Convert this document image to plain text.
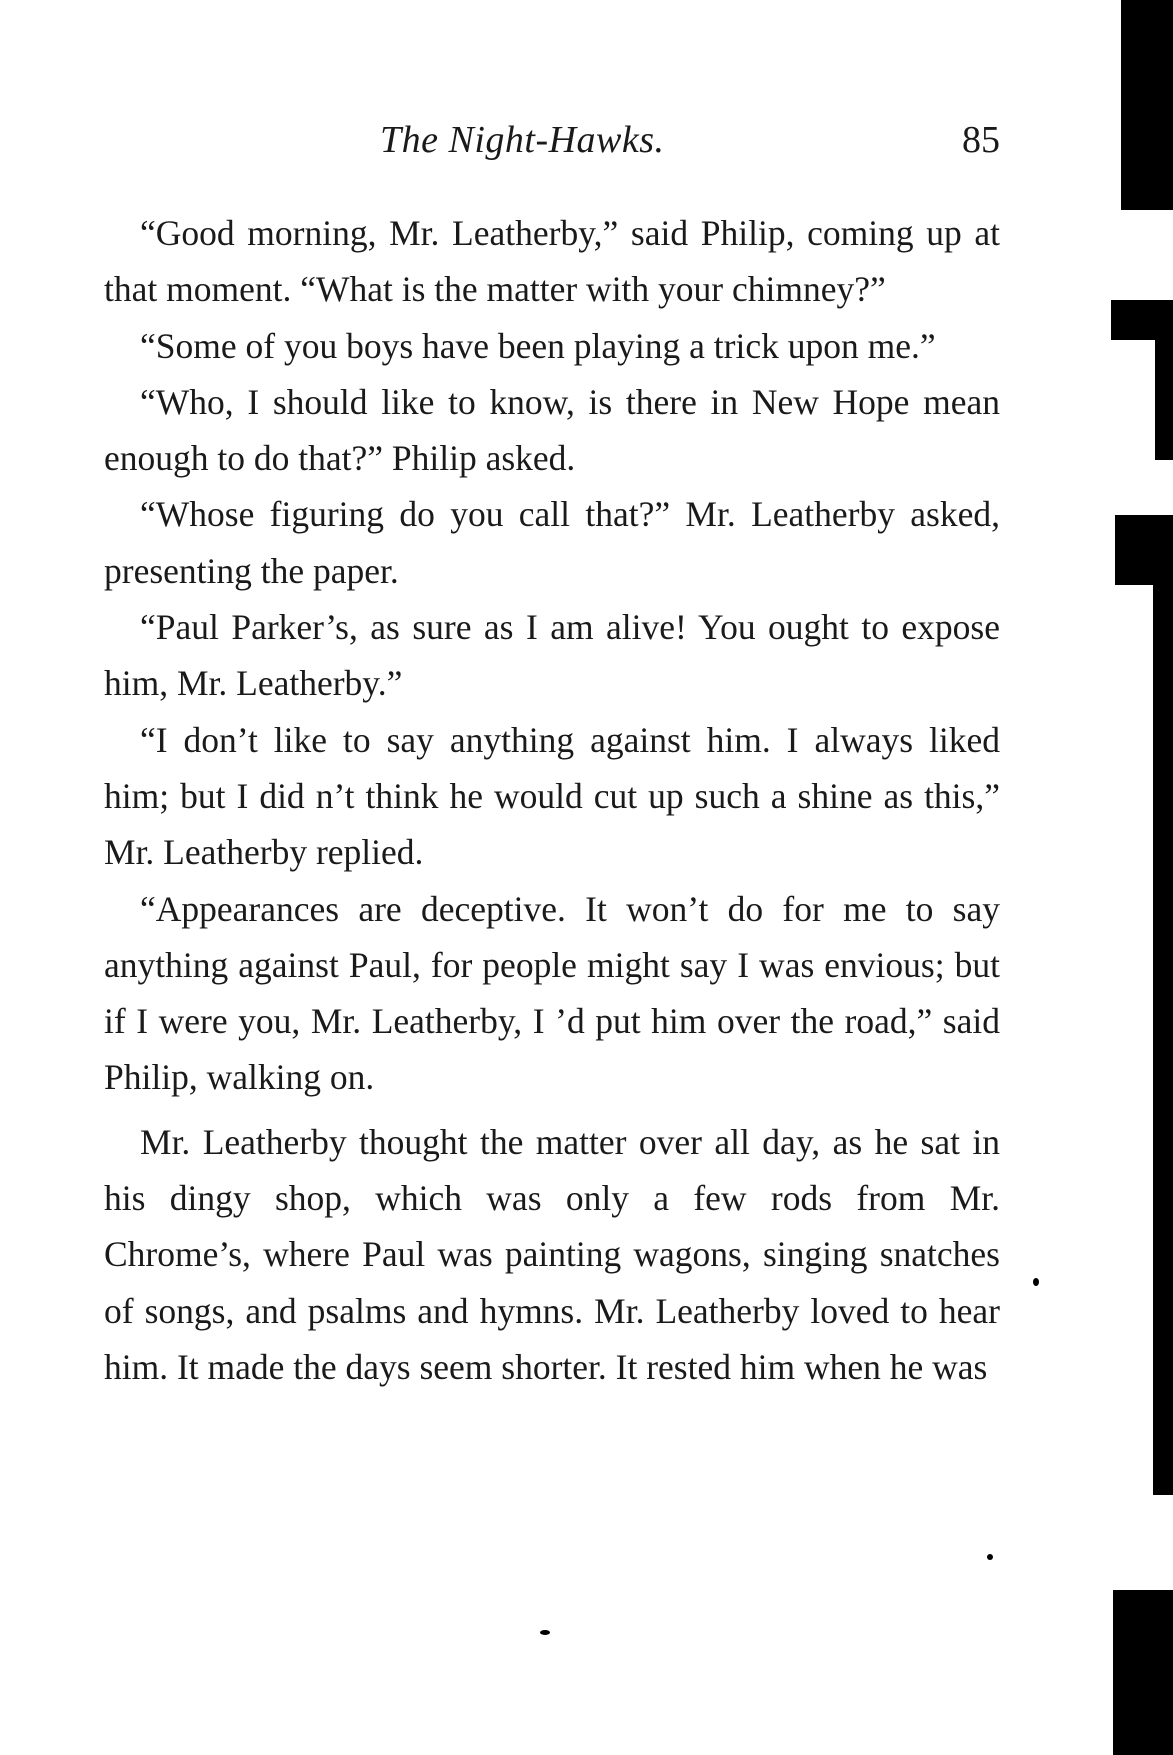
The Night-Hawks.	85

“Good morning, Mr. Leatherby,” said Philip, coming up at that moment. “What is the matter with your chimney?”

“Some of you boys have been playing a trick upon me.”

“Who, I should like to know, is there in New Hope mean enough to do that?” Philip asked.

“Whose figuring do you call that?” Mr. Leatherby asked, presenting the paper.

“Paul Parker’s, as sure as I am alive! You ought to expose him, Mr. Leatherby.”

“I don’t like to say anything against him. I always liked him; but I did n’t think he would cut up such a shine as this,” Mr. Leatherby replied.

“Appearances are deceptive. It won’t do for me to say anything against Paul, for people might say I was envious; but if I were you, Mr. Leatherby, I ’d put him over the road,” said Philip, walking on.

Mr. Leatherby thought the matter over all day, as he sat in his dingy shop, which was only a few rods from Mr. Chrome’s, where Paul was painting wagons, singing snatches of songs, and psalms and hymns. Mr. Leatherby loved to hear him. It made the days seem shorter. It rested him when he was
